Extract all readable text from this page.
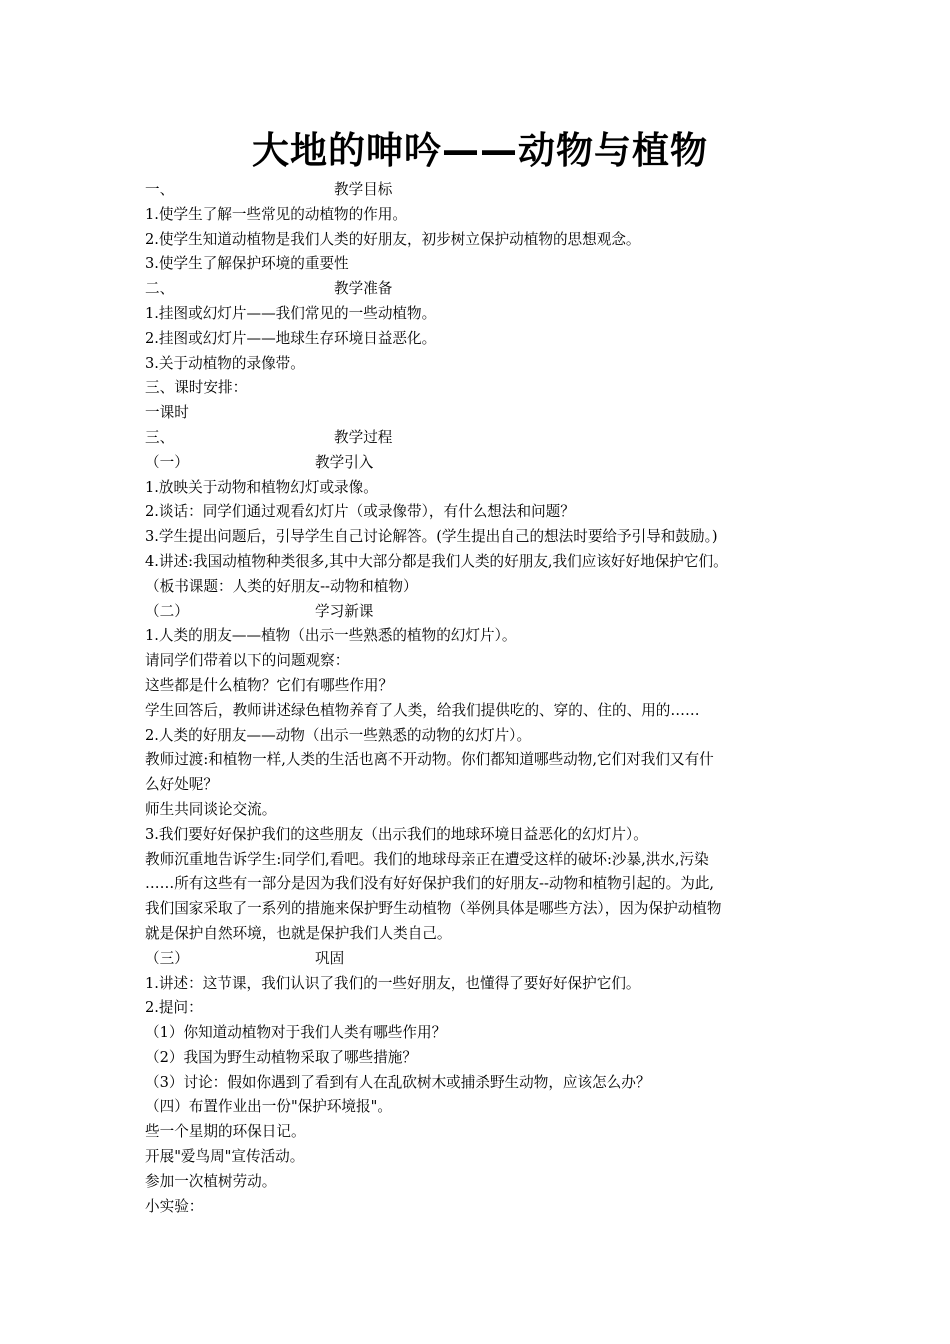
大地的呻吟——动物与植物
一、	教学目标
1.使学生了解一些常见的动植物的作用。
2.使学生知道动植物是我们人类的好朋友，初步树立保护动植物的思想观念。
3.使学生了解保护环境的重要性
二、	教学准备
1.挂图或幻灯片——我们常见的一些动植物。
2.挂图或幻灯片——地球生存环境日益恶化。
3.关于动植物的录像带。
三、课时安排：
一课时
三、	教学过程
（一）	教学引入
1.放映关于动物和植物幻灯或录像。
2.谈话：同学们通过观看幻灯片（或录像带），有什么想法和问题？
3.学生提出问题后，引导学生自己讨论解答。(学生提出自己的想法时要给予引导和鼓励。)
4.讲述:我国动植物种类很多,其中大部分都是我们人类的好朋友,我们应该好好地保护它们。
（板书课题：人类的好朋友--动物和植物）
（二）	学习新课
1.人类的朋友——植物（出示一些熟悉的植物的幻灯片）。
请同学们带着以下的问题观察：
这些都是什么植物？它们有哪些作用？
学生回答后，教师讲述绿色植物养育了人类，给我们提供吃的、穿的、住的、用的……
2.人类的好朋友——动物（出示一些熟悉的动物的幻灯片）。
教师过渡:和植物一样,人类的生活也离不开动物。你们都知道哪些动物,它们对我们又有什
么好处呢？
师生共同谈论交流。
3.我们要好好保护我们的这些朋友（出示我们的地球环境日益恶化的幻灯片）。
教师沉重地告诉学生:同学们,看吧。我们的地球母亲正在遭受这样的破坏:沙暴,洪水,污染
……所有这些有一部分是因为我们没有好好保护我们的好朋友--动物和植物引起的。为此,
我们国家采取了一系列的措施来保护野生动植物（举例具体是哪些方法），因为保护动植物
就是保护自然环境，也就是保护我们人类自己。
（三）	巩固
1.讲述：这节课，我们认识了我们的一些好朋友，也懂得了要好好保护它们。
2.提问：
（1）你知道动植物对于我们人类有哪些作用？
（2）我国为野生动植物采取了哪些措施？
（3）讨论：假如你遇到了看到有人在乱砍树木或捕杀野生动物，应该怎么办？
（四）布置作业出一份"保护环境报"。
些一个星期的环保日记。
开展"爱鸟周"宣传活动。
参加一次植树劳动。
小实验：
